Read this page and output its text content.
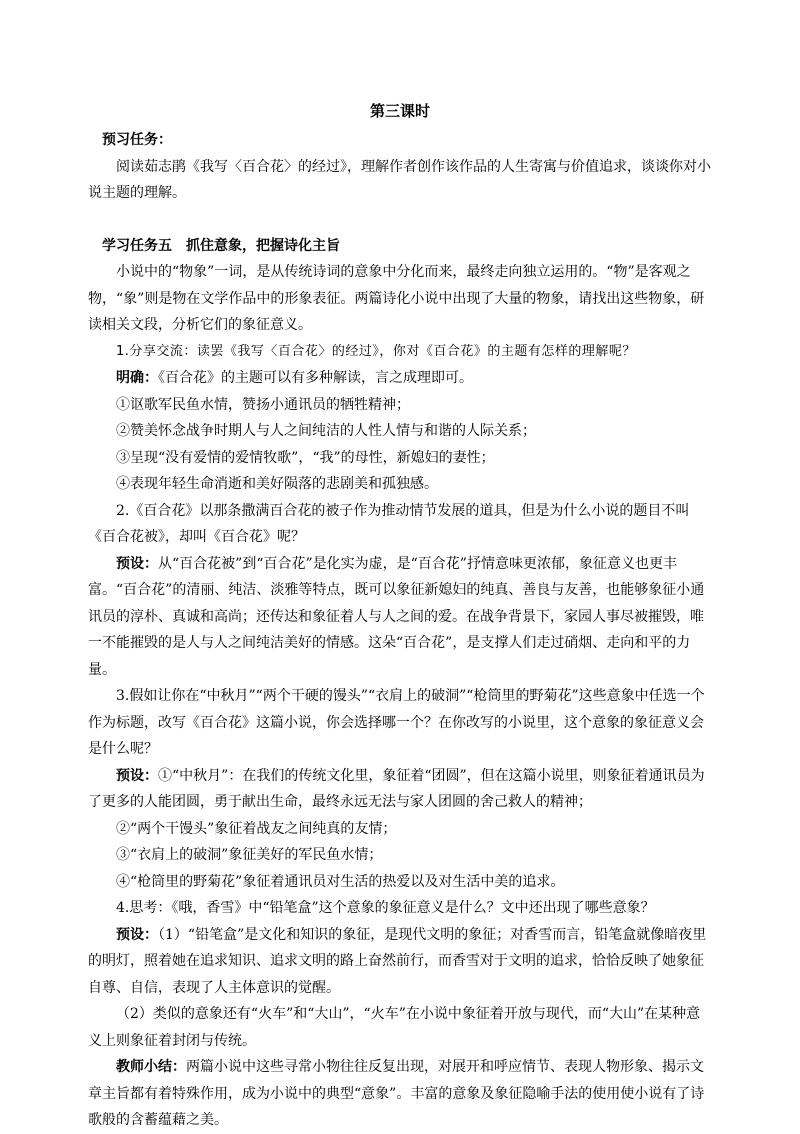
第三课时

预习任务：

阅读茹志鹃《我写〈百合花〉的经过》，理解作者创作该作品的人生寄寓与价值追求，谈谈你对小说主题的理解。

学习任务五　抓住意象，把握诗化主旨

小说中的“物象”一词，是从传统诗词的意象中分化而来，最终走向独立运用的。“物”是客观之物，“象”则是物在文学作品中的形象表征。两篇诗化小说中出现了大量的物象，请找出这些物象，研读相关文段，分析它们的象征意义。

1.分享交流：读罢《我写〈百合花〉的经过》，你对《百合花》的主题有怎样的理解呢？

明确：《百合花》的主题可以有多种解读，言之成理即可。

①讴歌军民鱼水情，赞扬小通讯员的牺牲精神；

②赞美怀念战争时期人与人之间纯洁的人性人情与和谐的人际关系；

③呈现“没有爱情的爱情牧歌”，“我”的母性，新媳妇的妻性；

④表现年轻生命消逝和美好陨落的悲剧美和孤独感。

2.《百合花》以那条撒满百合花的被子作为推动情节发展的道具，但是为什么小说的题目不叫《百合花被》，却叫《百合花》呢？

预设：从“百合花被”到“百合花”是化实为虚，是“百合花”抒情意味更浓郁，象征意义也更丰富。“百合花”的清丽、纯洁、淡雅等特点，既可以象征新媳妇的纯真、善良与友善，也能够象征小通讯员的淳朴、真诚和高尚；还传达和象征着人与人之间的爱。在战争背景下，家园人事尽被摧毁，唯一不能摧毁的是人与人之间纯洁美好的情感。这朵“百合花”，是支撑人们走过硝烟、走向和平的力量。

3.假如让你在“中秋月”“两个干硬的馒头”“衣肩上的破洞”“枪筒里的野菊花”这些意象中任选一个作为标题，改写《百合花》这篇小说，你会选择哪一个？在你改写的小说里，这个意象的象征意义会是什么呢？

预设：①“中秋月”：在我们的传统文化里，象征着“团圆”，但在这篇小说里，则象征着通讯员为了更多的人能团圆，勇于献出生命，最终永远无法与家人团圆的舍己救人的精神；

②“两个干馒头”象征着战友之间纯真的友情；

③“衣肩上的破洞”象征美好的军民鱼水情；

④“枪筒里的野菊花”象征着通讯员对生活的热爱以及对生活中美的追求。

4.思考：《哦，香雪》中“铅笔盒”这个意象的象征意义是什么？文中还出现了哪些意象？

预设：（1）“铅笔盒”是文化和知识的象征，是现代文明的象征；对香雪而言，铅笔盒就像暗夜里的明灯，照着她在追求知识、追求文明的路上奋然前行，而香雪对于文明的追求，恰恰反映了她象征自尊、自信，表现了人主体意识的觉醒。

（2）类似的意象还有“火车”和“大山”，“火车”在小说中象征着开放与现代，而“大山”在某种意义上则象征着封闭与传统。

教师小结：两篇小说中这些寻常小物往往反复出现，对展开和呼应情节、表现人物形象、揭示文章主旨都有着特殊作用，成为小说中的典型“意象”。丰富的意象及象征隐喻手法的使用使小说有了诗歌般的含蓄蕴藉之美。
